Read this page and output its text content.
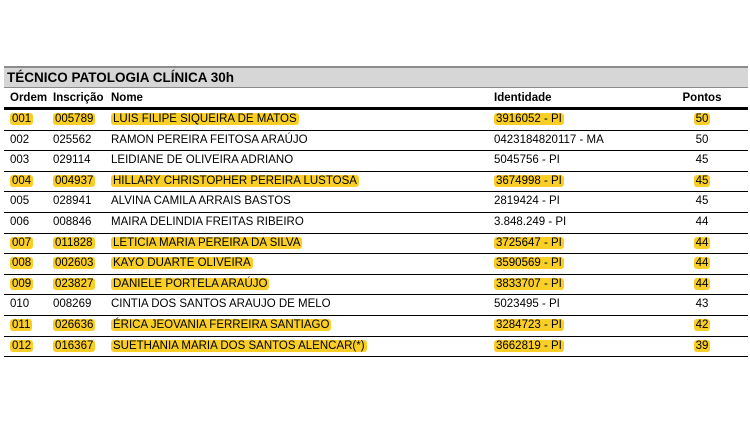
TÉCNICO PATOLOGIA CLÍNICA 30h
Ordem Inscrição Nome	Identidade	Pontos
001 005789 LUIS FILIPE SIQUEIRA DE MATOS	3916052 - PI	50
002 025562 RAMON PEREIRA FEITOSA ARAÚJO	0423184820117 - MA	50
003 029114 LEIDIANE DE OLIVEIRA ADRIANO	5045756 - PI	45
004 004937 HILLARY CHRISTOPHER PEREIRA LUSTOSA	3674998 - PI	45
005 028941 ALVINA CAMILA ARRAIS BASTOS	2819424 - PI	45
006 008846 MAIRA DELINDIA FREITAS RIBEIRO	3.848.249 - PI	44
007 011828 LETICIA MARIA PEREIRA DA SILVA	3725647 - PI	44
008 002603 KAYO DUARTE OLIVEIRA	3590569 - PI	44
009 023827 DANIELE PORTELA ARAÚJO	3833707 - PI	44
010 008269 CINTIA DOS SANTOS ARAUJO DE MELO	5023495 - PI	43
011 026636 ÉRICA JEOVANIA FERREIRA SANTIAGO	3284723 - PI	42
012 016367 SUETHANIA MARIA DOS SANTOS ALENCAR(*)	3662819 - PI	39
